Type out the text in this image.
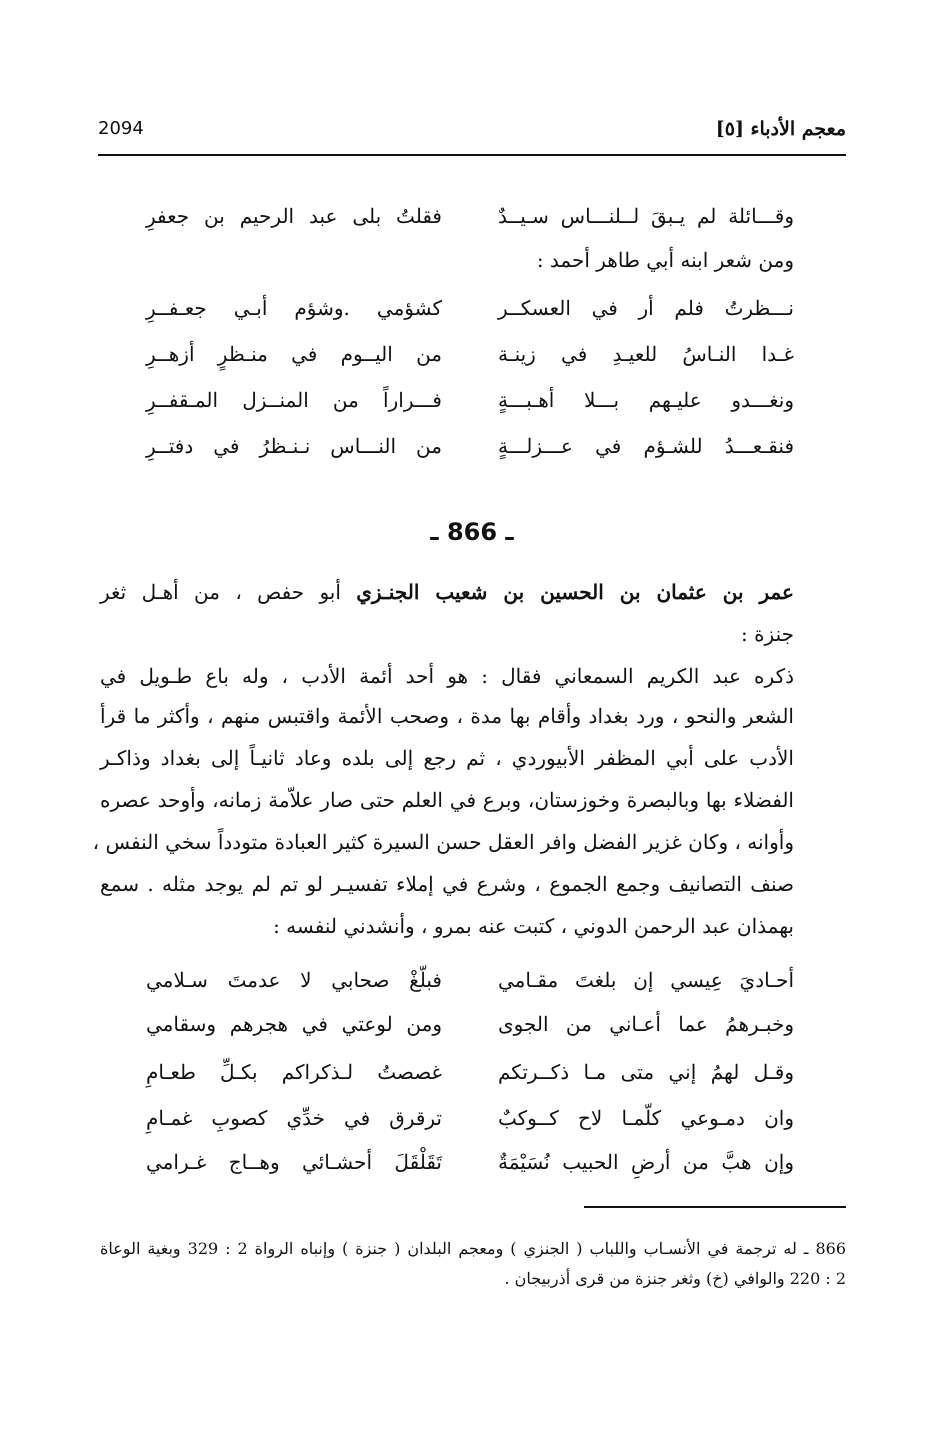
معجم الأدباء [٥]
2094
وقـــائلة لم يـبقَ لــلنـــاس سـيــدٌ
فقلتُ بلى عبد الرحيم بن جعفرِ
ومن شعر ابنه أبي طاهر أحمد :
نـــظرتُ فلم أر في العسكــر
كشؤمي .وشؤم أبـي جعـفــرِ
غـدا النـاسُ للعيـدِ في زينـة
من اليــوم في منـظرٍ أزهــرِ
ونغـــدو عليـهم بـــلا أهـبـــةٍ
فـــراراً من المنــزل المـقفــرِ
فنقـعـــدُ للشـؤم في عـــزلـــةٍ
من النـــاس نـنـظرُ في دفتــرِ
ـ 866 ـ
عمر بن عثمان بن الحسين بن شعيب الجنـزي أبو حفص ، من أهـل ثغر
جنزة :
ذكره عبد الكريم السمعاني فقال : هو أحد أئمة الأدب ، وله باع طـويل في
الشعر والنحو ، ورد بغداد وأقام بها مدة ، وصحب الأئمة واقتبس منهم ، وأكثر ما قرأ
الأدب على أبي المظفر الأبيوردي ، ثم رجع إلى بلده وعاد ثانيـاً إلى بغداد وذاكـر
الفضلاء بها وبالبصرة وخوزستان، وبرع في العلم حتى صار علاّمة زمانه، وأوحد عصره
وأوانه ، وكان غزير الفضل وافر العقل حسن السيرة كثير العبادة متودداً سخي النفس ،
صنف التصانيف وجمع الجموع ، وشرع في إملاء تفسيـر لو تم لم يوجد مثله . سمع
بهمذان عبد الرحمن الدوني ، كتبت عنه بمرو ، وأنشدني لنفسه :
أحـاديَ عِيسي إن بلغتَ مقـامي
فبلّغْ صحابي لا عدمتَ سـلامي
وخبـرهمُ عما أعـاني من الجوى
ومن لوعتي في هجرهم وسقامي
وقـل لهمُ إني متى مـا ذكــرتكم
غصصتُ لـذكراكم بكـلِّ طعـامِ
وان دمـوعي كلّمـا لاح كــوكبٌ
ترقرق في خدِّي كصوبِ غمـامِ
وإن هبَّ من أرضِ الحبيب نُسَيْمَةٌ
تَقَلْقَلَ أحشـائي وهــاج غـرامي
866 ـ له ترجمة في الأنسـاب واللباب ( الجنزي ) ومعجم البلدان ( جنزة ) وإنباه الرواة 2 : 329 وبغية الوعاة
2 : 220 والوافي (خ) وثغر جنزة من قرى أذربيجان .
